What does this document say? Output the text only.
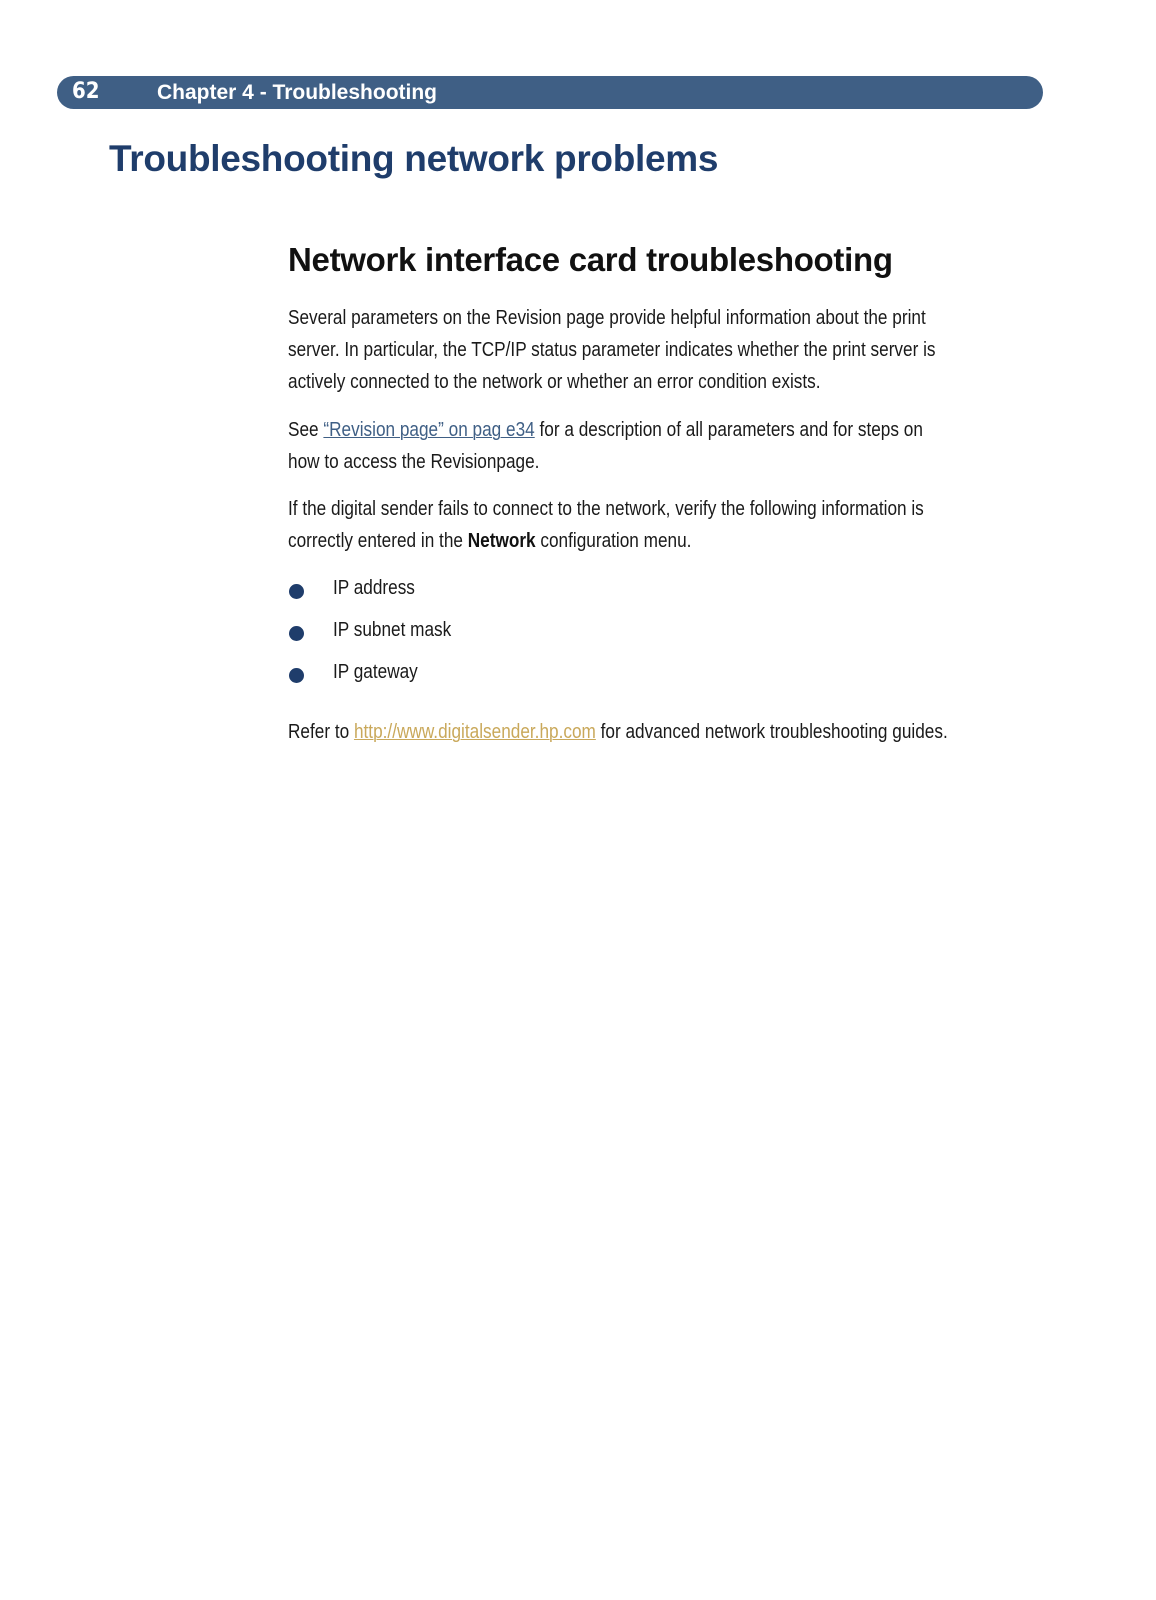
62	Chapter 4 - Troubleshooting
Troubleshooting network problems
Network interface card troubleshooting

Several parameters on the Revision page provide helpful information about the print server. In particular, the TCP/IP status parameter indicates whether the print server is actively connected to the network or whether an error condition exists.

See “Revision page” on pag e34 for a description of all parameters and for steps on how to access the Revisionpage.

If the digital sender fails to connect to the network, verify the following information is correctly entered in the Network configuration menu.

IP address
IP subnet mask
IP gateway

Refer to http://www.digitalsender.hp.com for advanced network troubleshooting guides.
